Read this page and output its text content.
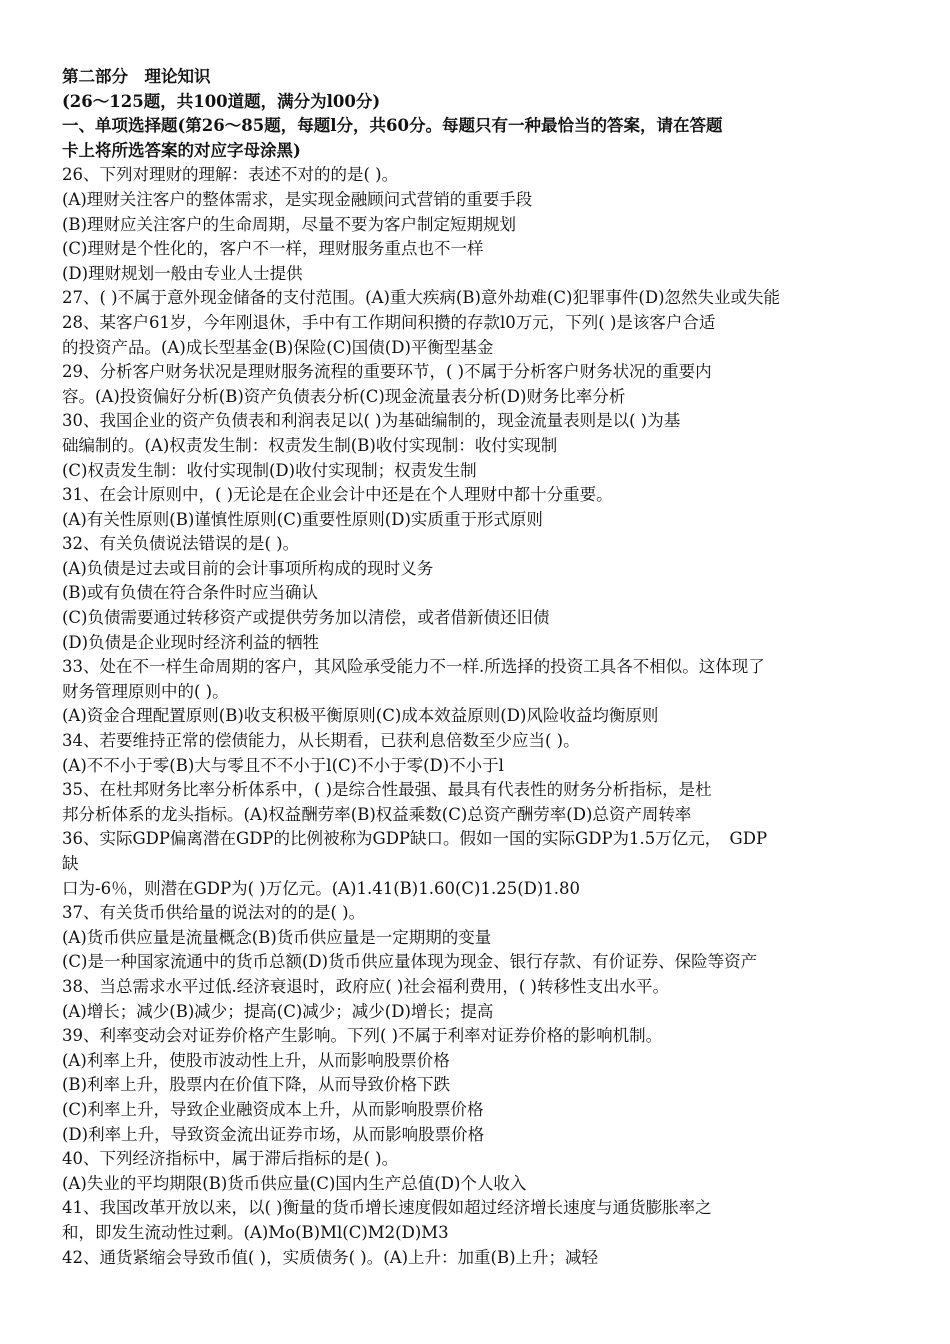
第二部分　理论知识
(26～125题，共100道题，满分为l00分)
一、单项选择题(第26～85题，每题l分，共60分。每题只有一种最恰当的答案，请在答题
卡上将所选答案的对应字母涂黑)
26、下列对理财的理解：表述不对的的是( )。
(A)理财关注客户的整体需求，是实现金融顾问式营销的重要手段
(B)理财应关注客户的生命周期，尽量不要为客户制定短期规划
(C)理财是个性化的，客户不一样，理财服务重点也不一样
(D)理财规划一般由专业人士提供
27、( )不属于意外现金储备的支付范围。(A)重大疾病(B)意外劫难(C)犯罪事件(D)忽然失业或失能
28、某客户61岁，今年刚退休，手中有工作期间积攒的存款l0万元，下列( )是该客户合适
的投资产品。(A)成长型基金(B)保险(C)国债(D)平衡型基金
29、分析客户财务状况是理财服务流程的重要环节，( )不属于分析客户财务状况的重要内
容。(A)投资偏好分析(B)资产负债表分析(C)现金流量表分析(D)财务比率分析
30、我国企业的资产负债表和利润表足以( )为基础编制的，现金流量表则是以( )为基
础编制的。(A)权责发生制：权责发生制(B)收付实现制：收付实现制
(C)权责发生制：收付实现制(D)收付实现制；权责发生制
31、在会计原则中，( )无论是在企业会计中还是在个人理财中都十分重要。
(A)有关性原则(B)谨慎性原则(C)重要性原则(D)实质重于形式原则
32、有关负债说法错误的是( )。
(A)负债是过去或目前的会计事项所构成的现时义务
(B)或有负债在符合条件时应当确认
(C)负债需要通过转移资产或提供劳务加以清偿，或者借新债还旧债
(D)负债是企业现时经济利益的牺牲
33、处在不一样生命周期的客户，其风险承受能力不一样.所选择的投资工具各不相似。这体现了
财务管理原则中的( )。
(A)资金合理配置原则(B)收支积极平衡原则(C)成本效益原则(D)风险收益均衡原则
34、若要维持正常的偿债能力，从长期看，已获利息倍数至少应当( )。
(A)不不小于零(B)大与零且不不小于l(C)不小于零(D)不小于l
35、在杜邦财务比率分析体系中，( )是综合性最强、最具有代表性的财务分析指标，是杜
邦分析体系的龙头指标。(A)权益酬劳率(B)权益乘数(C)总资产酬劳率(D)总资产周转率
36、实际GDP偏离潜在GDP的比例被称为GDP缺口。假如一国的实际GDP为1.5万亿元，　GDP
缺
口为-6％，则潜在GDP为( )万亿元。(A)1.41(B)1.60(C)1.25(D)1.80
37、有关货币供给量的说法对的的是( )。
(A)货币供应量是流量概念(B)货币供应量是一定期期的变量
(C)是一种国家流通中的货币总额(D)货币供应量体现为现金、银行存款、有价证券、保险等资产
38、当总需求水平过低.经济衰退时，政府应( )社会福利费用，( )转移性支出水平。
(A)增长；减少(B)减少；提高(C)减少；减少(D)增长；提高
39、利率变动会对证券价格产生影响。下列( )不属于利率对证券价格的影响机制。
(A)利率上升，使股市波动性上升，从而影响股票价格
(B)利率上升，股票内在价值下降，从而导致价格下跌
(C)利率上升，导致企业融资成本上升，从而影响股票价格
(D)利率上升，导致资金流出证券市场，从而影响股票价格
40、下列经济指标中，属于滞后指标的是( )。
(A)失业的平均期限(B)货币供应量(C)国内生产总值(D)个人收入
41、我国改革开放以来，以( )衡量的货币增长速度假如超过经济增长速度与通货膨胀率之
和，即发生流动性过剩。(A)Mo(B)Ml(C)M2(D)M3
42、通货紧缩会导致币值( )，实质债务( )。(A)上升：加重(B)上升；减轻
